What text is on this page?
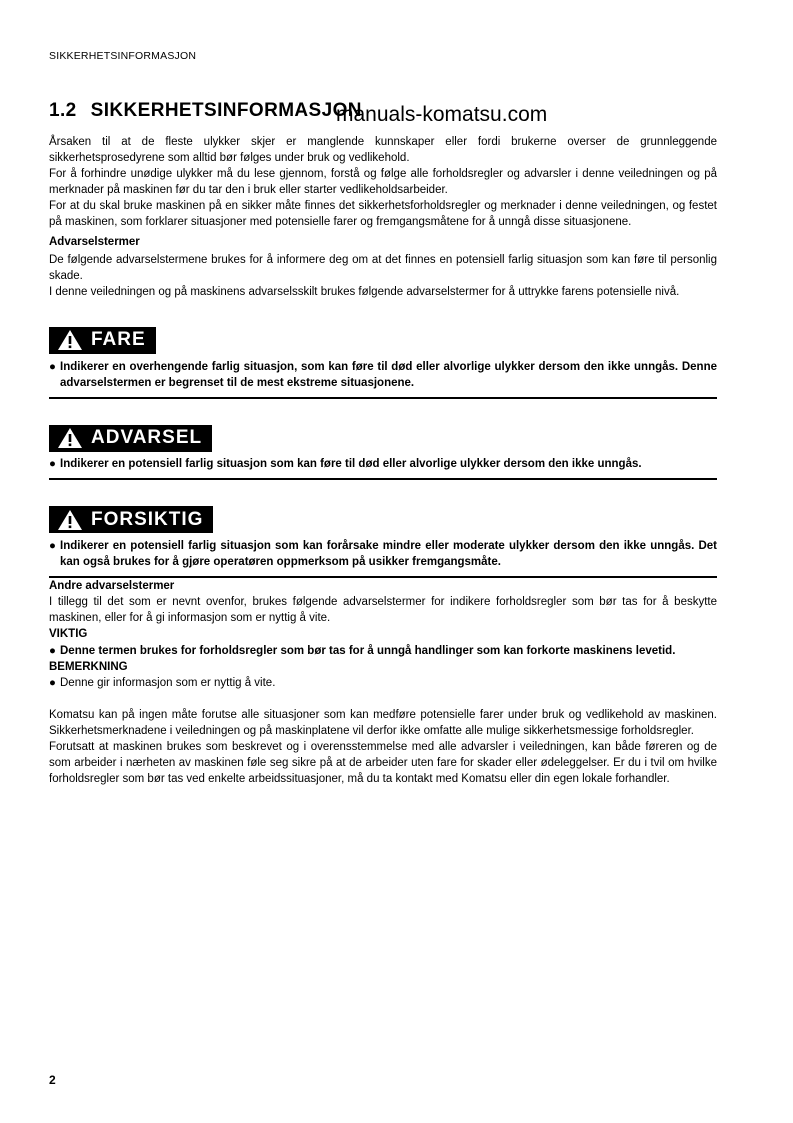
SIKKERHETSINFORMASJON
1.2 SIKKERHETSINFORMASJON
manuals-komatsu.com

Årsaken til at de fleste ulykker skjer er manglende kunnskaper eller fordi brukerne overser de grunnleggende sikkerhetsprosedyrene som alltid bør følges under bruk og vedlikehold.

For å forhindre unødige ulykker må du lese gjennom, forstå og følge alle forholdsregler og advarsler i denne veiledningen og på merknader på maskinen før du tar den i bruk eller starter vedlikeholdsarbeider.

For at du skal bruke maskinen på en sikker måte finnes det sikkerhetsforholdsregler og merknader i denne veiledningen, og festet på maskinen, som forklarer situasjoner med potensielle farer og fremgangsmåtene for å unngå disse situasjonene.

Advarselstermer

De følgende advarselstermene brukes for å informere deg om at det finnes en potensiell farlig situasjon som kan føre til personlig skade.

I denne veiledningen og på maskinens advarselsskilt brukes følgende advarselstermer for å uttrykke farens potensielle nivå.

FARE
● Indikerer en overhengende farlig situasjon, som kan føre til død eller alvorlige ulykker dersom den ikke unngås. Denne advarselstermen er begrenset til de mest ekstreme situasjonene.
ADVARSEL
● Indikerer en potensiell farlig situasjon som kan føre til død eller alvorlige ulykker dersom den ikke unngås.
FORSIKTIG
● Indikerer en potensiell farlig situasjon som kan forårsake mindre eller moderate ulykker dersom den ikke unngås. Det kan også brukes for å gjøre operatøren oppmerksom på usikker fremgangsmåte.

Andre advarselstermer

I tillegg til det som er nevnt ovenfor, brukes følgende advarselstermer for indikere forholdsregler som bør tas for å beskytte maskinen, eller for å gi informasjon som er nyttig å vite.

VIKTIG

● Denne termen brukes for forholdsregler som bør tas for å unngå handlinger som kan forkorte maskinens levetid.

BEMERKNING

● Denne gir informasjon som er nyttig å vite.

Komatsu kan på ingen måte forutse alle situasjoner som kan medføre potensielle farer under bruk og vedlikehold av maskinen. Sikkerhetsmerknadene i veiledningen og på maskinplatene vil derfor ikke omfatte alle mulige sikkerhetsmessige forholdsregler.

Forutsatt at maskinen brukes som beskrevet og i overensstemmelse med alle advarsler i veiledningen, kan både føreren og de som arbeider i nærheten av maskinen føle seg sikre på at de arbeider uten fare for skader eller ødeleggelser. Er du i tvil om hvilke forholdsregler som bør tas ved enkelte arbeidssituasjoner, må du ta kontakt med Komatsu eller din egen lokale forhandler.

2
